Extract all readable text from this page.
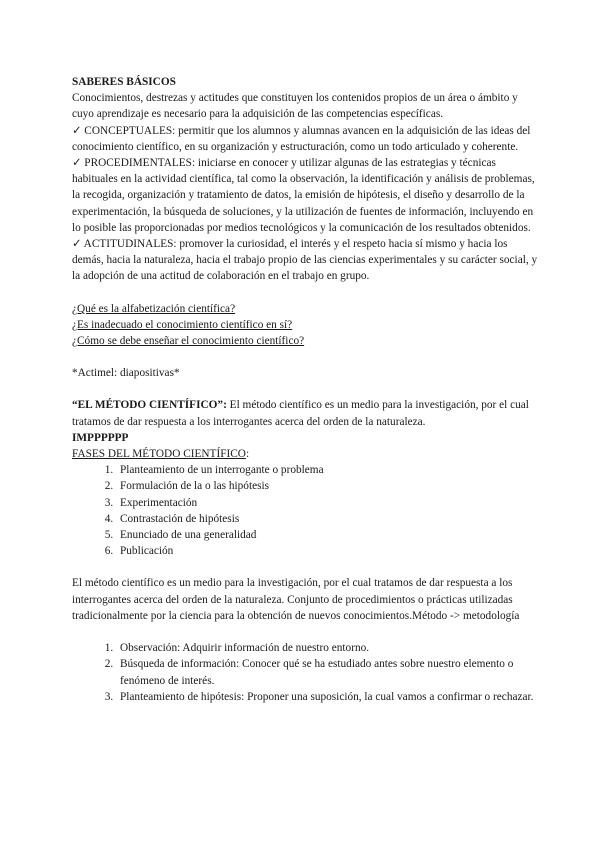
SABERES BÁSICOS

Conocimientos, destrezas y actitudes que constituyen los contenidos propios de un área o ámbito y cuyo aprendizaje es necesario para la adquisición de las competencias específicas.

✓ CONCEPTUALES: permitir que los alumnos y alumnas avancen en la adquisición de las ideas del conocimiento científico, en su organización y estructuración, como un todo articulado y coherente.

✓ PROCEDIMENTALES: iniciarse en conocer y utilizar algunas de las estrategias y técnicas habituales en la actividad científica, tal como la observación, la identificación y análisis de problemas, la recogida, organización y tratamiento de datos, la emisión de hipótesis, el diseño y desarrollo de la experimentación, la búsqueda de soluciones, y la utilización de fuentes de información, incluyendo en lo posible las proporcionadas por medios tecnológicos y la comunicación de los resultados obtenidos.

✓ ACTITUDINALES: promover la curiosidad, el interés y el respeto hacia sí mismo y hacia los demás, hacia la naturaleza, hacia el trabajo propio de las ciencias experimentales y su carácter social, y la adopción de una actitud de colaboración en el trabajo en grupo.

¿Qué es la alfabetización científica?

¿Es inadecuado el conocimiento científico en sí?

¿Cómo se debe enseñar el conocimiento científico?

*Actimel: diapositivas*

“EL MÉTODO CIENTÍFICO”: El método científico es un medio para la investigación, por el cual tratamos de dar respuesta a los interrogantes acerca del orden de la naturaleza.

IMPPPPPP

FASES DEL MÉTODO CIENTÍFICO:

1. Planteamiento de un interrogante o problema
2. Formulación de la o las hipótesis
3. Experimentación
4. Contrastación de hipótesis
5. Enunciado de una generalidad
6. Publicación

El método científico es un medio para la investigación, por el cual tratamos de dar respuesta a los interrogantes acerca del orden de la naturaleza. Conjunto de procedimientos o prácticas utilizadas tradicionalmente por la ciencia para la obtención de nuevos conocimientos.Método -> metodología

1. Observación: Adquirir información de nuestro entorno.
2. Búsqueda de información: Conocer qué se ha estudiado antes sobre nuestro elemento o fenómeno de interés.
3. Planteamiento de hipótesis: Proponer una suposición, la cual vamos a confirmar o rechazar.
